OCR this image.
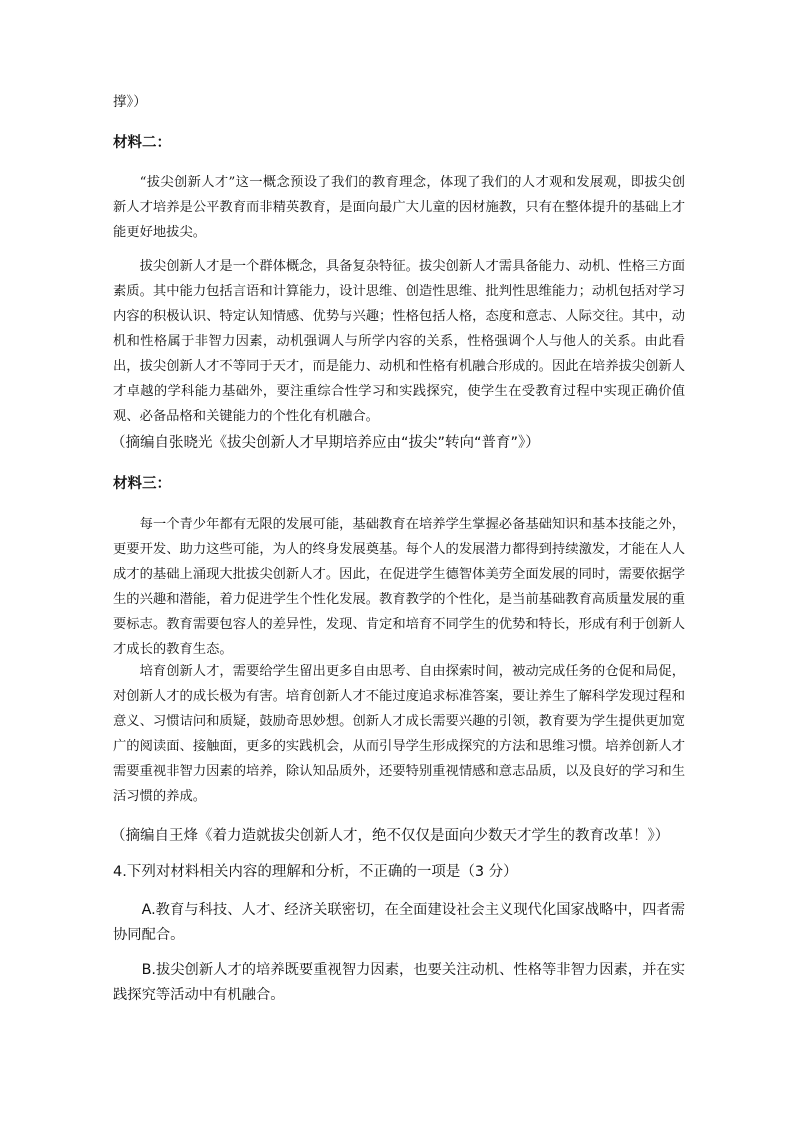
撑》）

材料二：

“拔尖创新人才”这一概念预设了我们的教育理念，体现了我们的人才观和发展观，即拔尖创新人才培养是公平教育而非精英教育，是面向最广大儿童的因材施教，只有在整体提升的基础上才能更好地拔尖。

拔尖创新人才是一个群体概念，具备复杂特征。拔尖创新人才需具备能力、动机、性格三方面素质。其中能力包括言语和计算能力，设计思维、创造性思维、批判性思维能力；动机包括对学习内容的积极认识、特定认知情感、优势与兴趣；性格包括人格，态度和意志、人际交往。其中，动机和性格属于非智力因素，动机强调人与所学内容的关系，性格强调个人与他人的关系。由此看出，拔尖创新人才不等同于天才，而是能力、动机和性格有机融合形成的。因此在培养拔尖创新人才卓越的学科能力基础外，要注重综合性学习和实践探究，使学生在受教育过程中实现正确价值观、必备品格和关键能力的个性化有机融合。

（摘编自张晓光《拔尖创新人才早期培养应由“拔尖”转向“普育”》）

材料三：

每一个青少年都有无限的发展可能，基础教育在培养学生掌握必备基础知识和基本技能之外，更要开发、助力这些可能，为人的终身发展奠基。每个人的发展潜力都得到持续激发，才能在人人成才的基础上涌现大批拔尖创新人才。因此，在促进学生德智体美劳全面发展的同时，需要依据学生的兴趣和潜能，着力促进学生个性化发展。教育教学的个性化，是当前基础教育高质量发展的重要标志。教育需要包容人的差异性，发现、肯定和培育不同学生的优势和特长，形成有利于创新人才成长的教育生态。

培育创新人才，需要给学生留出更多自由思考、自由探索时间，被动完成任务的仓促和局促，对创新人才的成长极为有害。培育创新人才不能过度追求标准答案，要让养生了解科学发现过程和意义、习惯诘问和质疑，鼓励奇思妙想。创新人才成长需要兴趣的引领，教育要为学生提供更加宽广的阅读面、接触面，更多的实践机会，从而引导学生形成探究的方法和思维习惯。培养创新人才需要重视非智力因素的培养，除认知品质外，还要特别重视情感和意志品质，以及良好的学习和生活习惯的养成。

（摘编自王烽《着力造就拔尖创新人才，绝不仅仅是面向少数天才学生的教育改革！》）

4.下列对材料相关内容的理解和分析，不正确的一项是（3 分）

A.教育与科技、人才、经济关联密切，在全面建设社会主义现代化国家战略中，四者需协同配合。

B.拔尖创新人才的培养既要重视智力因素，也要关注动机、性格等非智力因素，并在实践探究等活动中有机融合。
